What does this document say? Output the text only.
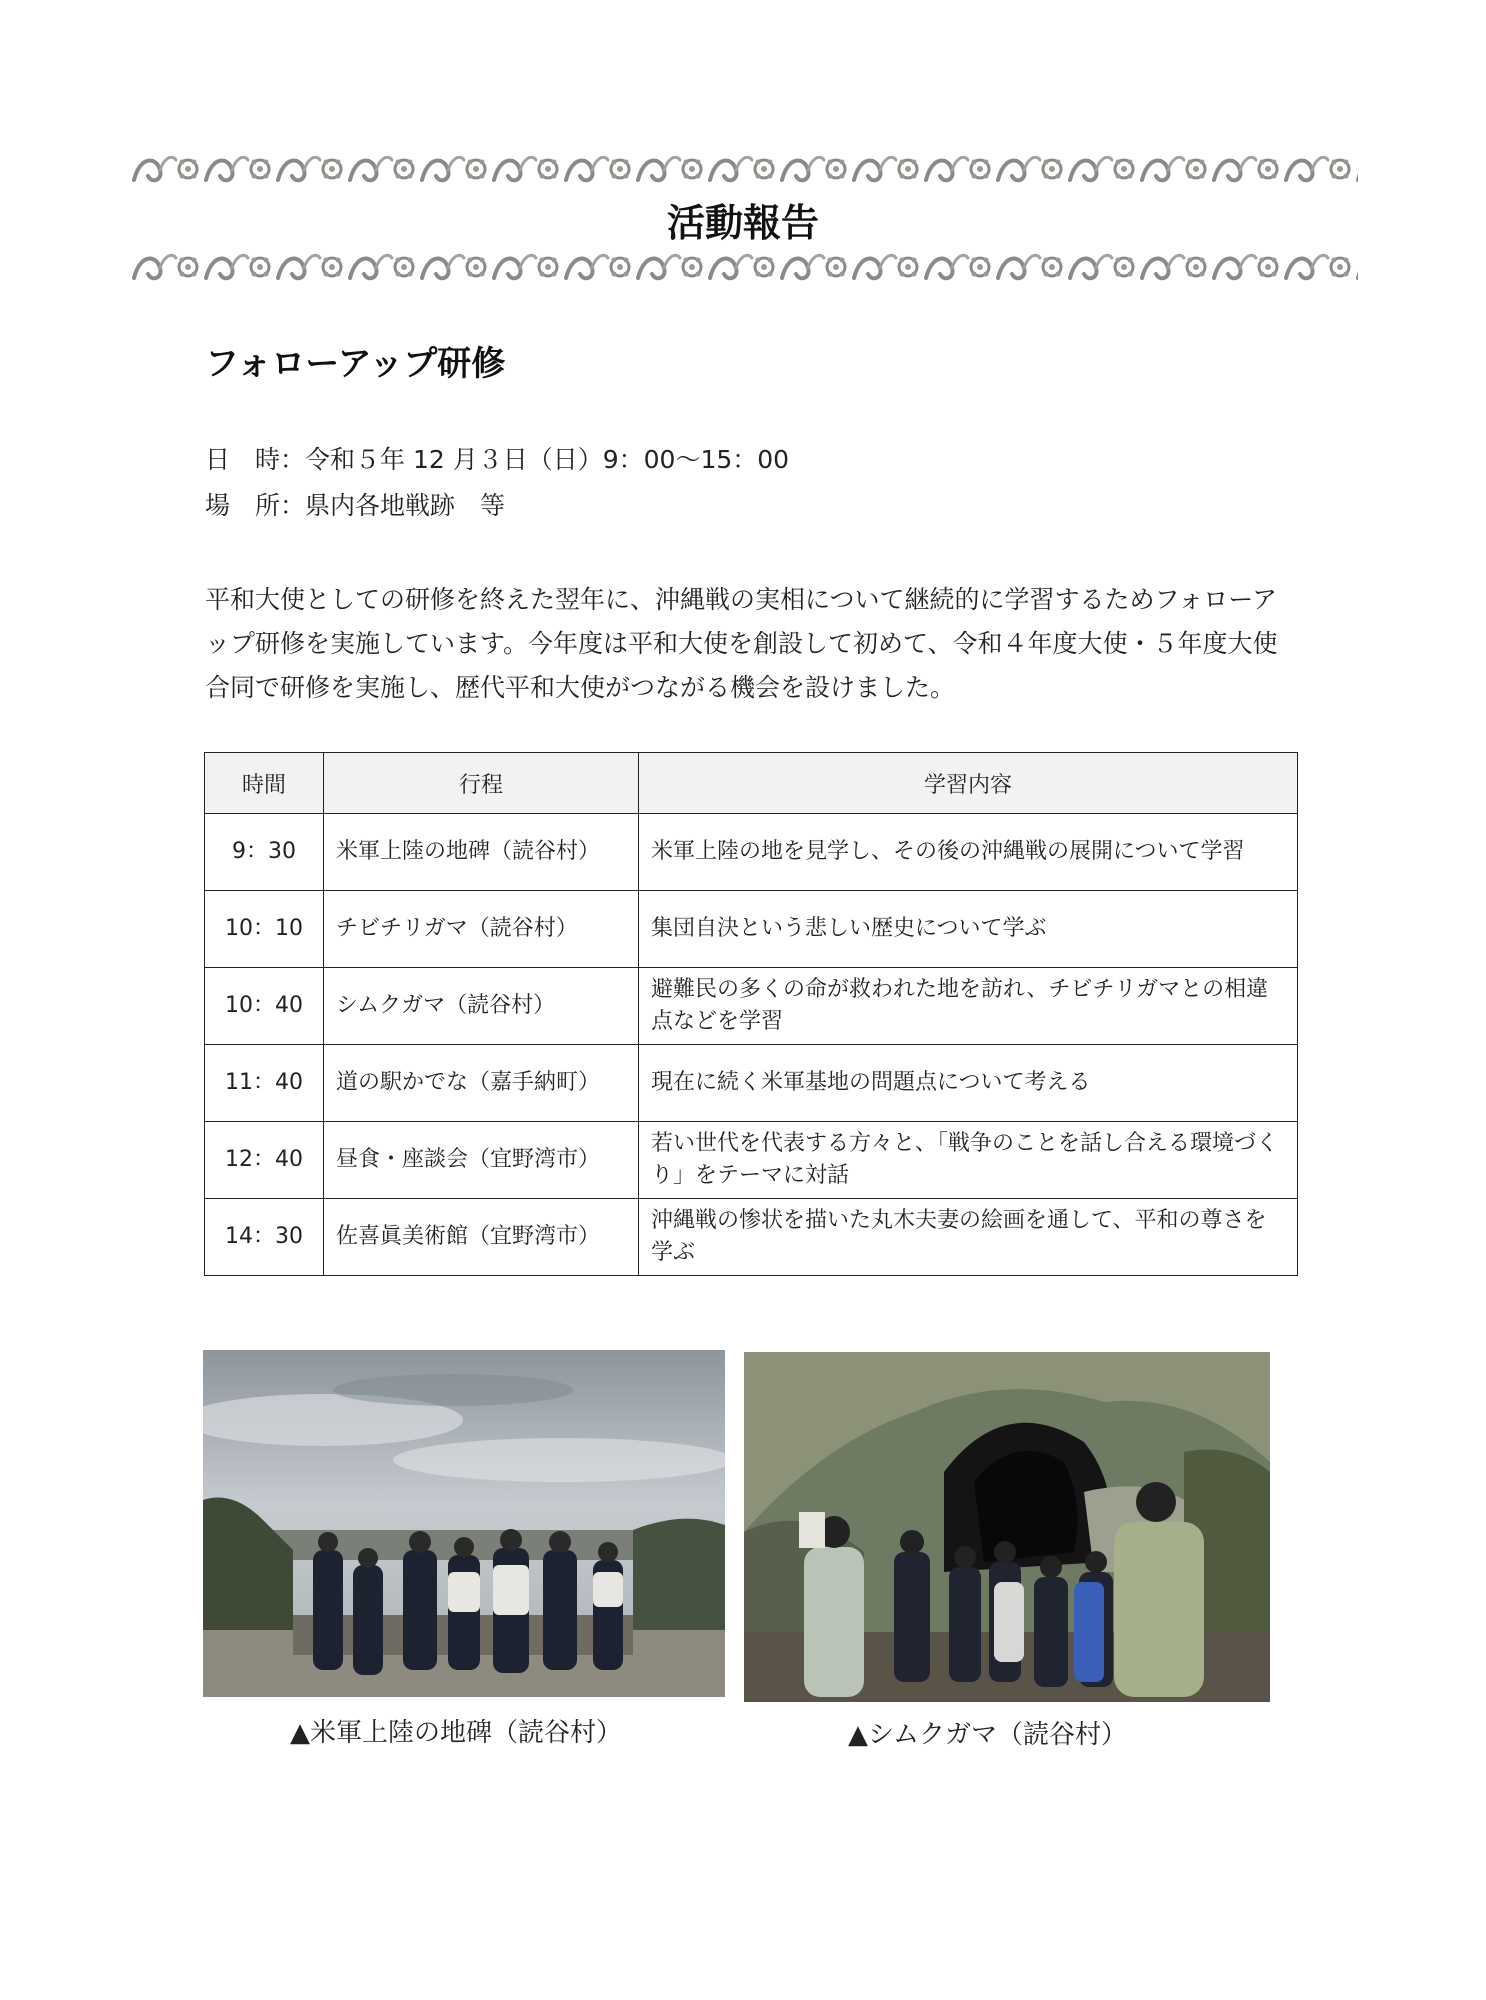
活動報告
フォローアップ研修
日　時：令和５年 12 月３日（日）9：00～15：00
場　所：県内各地戦跡　等

平和大使としての研修を終えた翌年に、沖縄戦の実相について継続的に学習するためフォローアップ研修を実施しています。今年度は平和大使を創設して初めて、令和４年度大使・５年度大使合同で研修を実施し、歴代平和大使がつながる機会を設けました。

時間	行程	学習内容
9：30	米軍上陸の地碑（読谷村）	米軍上陸の地を見学し、その後の沖縄戦の展開について学習
10：10	チビチリガマ（読谷村）	集団自決という悲しい歴史について学ぶ
10：40	シムクガマ（読谷村）	避難民の多くの命が救われた地を訪れ、チビチリガマとの相違点などを学習
11：40	道の駅かでな（嘉手納町）	現在に続く米軍基地の問題点について考える
12：40	昼食・座談会（宜野湾市）	若い世代を代表する方々と、「戦争のことを話し合える環境づくり」をテーマに対話
14：30	佐喜眞美術館（宜野湾市）	沖縄戦の惨状を描いた丸木夫妻の絵画を通して、平和の尊さを学ぶ
▲米軍上陸の地碑（読谷村）	▲シムクガマ（読谷村）
